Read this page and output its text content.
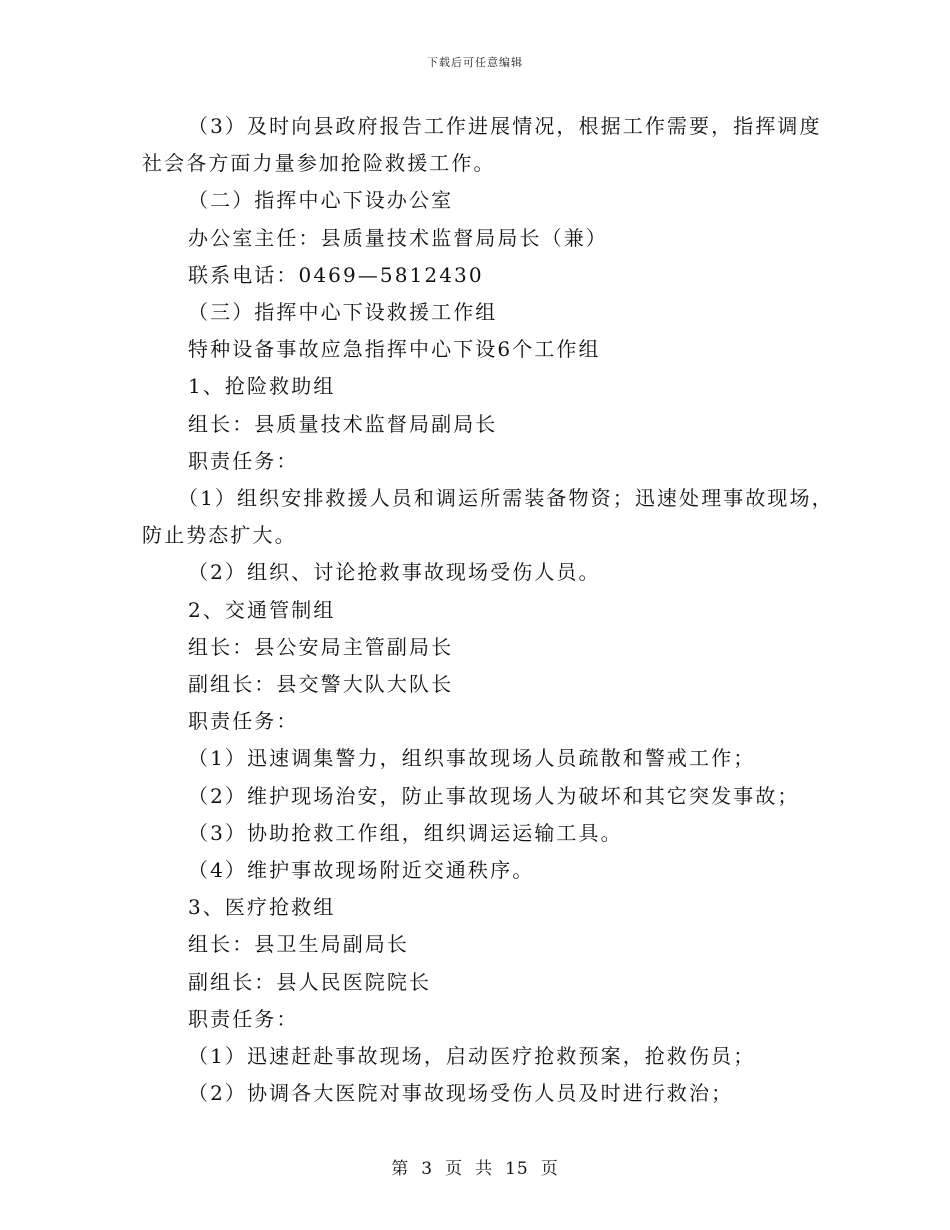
下载后可任意编辑

（3）及时向县政府报告工作进展情况，根据工作需要，指挥调度

社会各方面力量参加抢险救援工作。

（二）指挥中心下设办公室

办公室主任：县质量技术监督局局长（兼）

联系电话：0469—5812430

（三）指挥中心下设救援工作组

特种设备事故应急指挥中心下设6个工作组

1、抢险救助组

组长：县质量技术监督局副局长

职责任务：

（1）组织安排救援人员和调运所需装备物资；迅速处理事故现场，

防止势态扩大。

（2）组织、讨论抢救事故现场受伤人员。

2、交通管制组

组长：县公安局主管副局长

副组长：县交警大队大队长

职责任务：

（1）迅速调集警力，组织事故现场人员疏散和警戒工作；

（2）维护现场治安，防止事故现场人为破坏和其它突发事故；

（3）协助抢救工作组，组织调运运输工具。

（4）维护事故现场附近交通秩序。

3、医疗抢救组

组长：县卫生局副局长

副组长：县人民医院院长

职责任务：

（1）迅速赶赴事故现场，启动医疗抢救预案，抢救伤员；

（2）协调各大医院对事故现场受伤人员及时进行救治；

第 3 页 共 15 页
